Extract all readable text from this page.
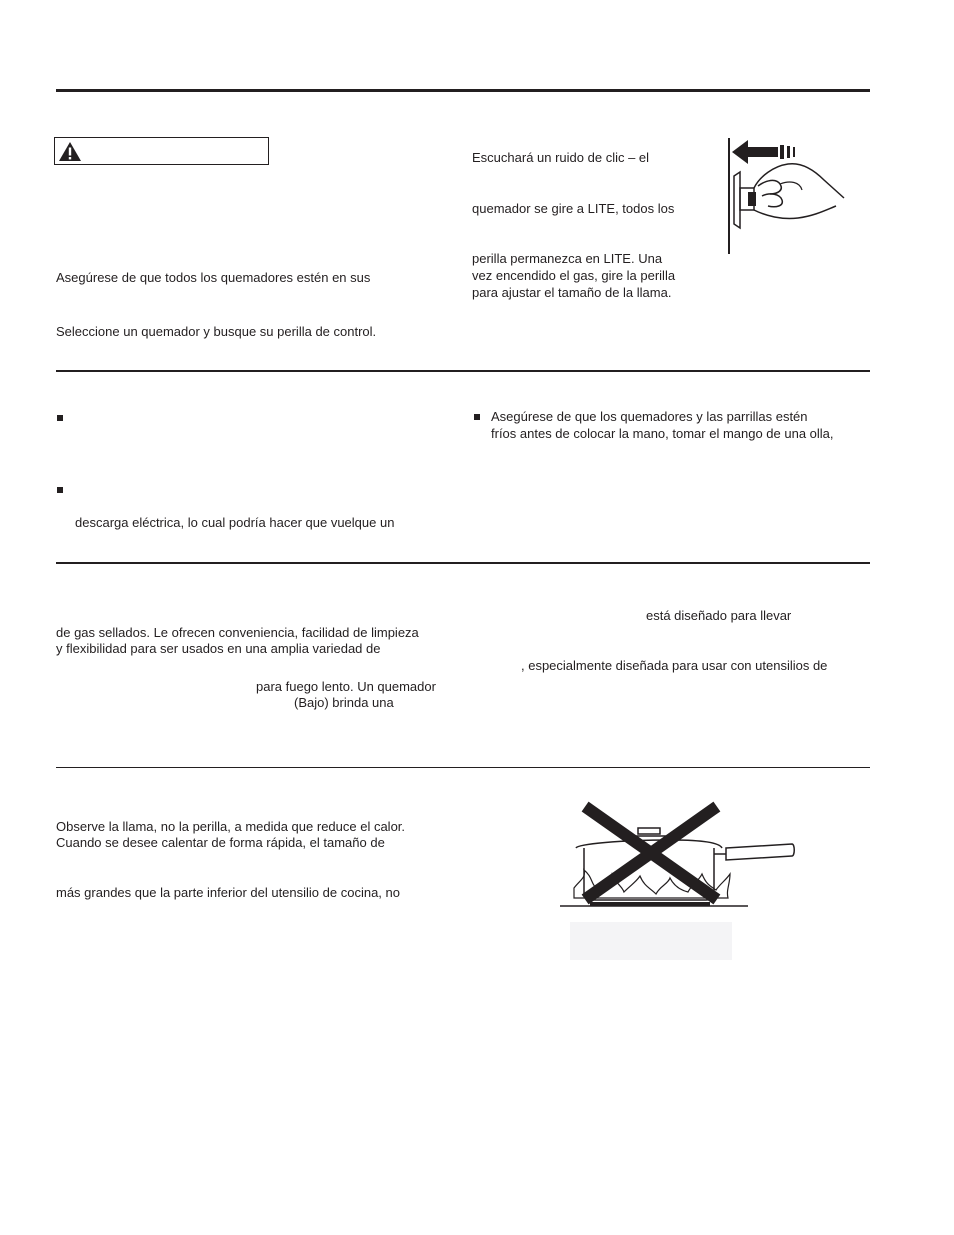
Asegúrese de que todos los quemadores estén en sus
Seleccione un quemador y busque su perilla de control.
Escuchará un ruido de clic – el
quemador se gire a LITE, todos los
perilla permanezca en LITE. Una
vez encendido el gas, gire la perilla
para ajustar el tamaño de la llama.
descarga eléctrica, lo cual podría hacer que vuelque un
Asegúrese de que los quemadores y las parrillas estén
fríos antes de colocar la mano, tomar el mango de una olla,
de gas sellados. Le ofrecen conveniencia, facilidad de limpieza
y flexibilidad para ser usados en una amplia variedad de
para fuego lento. Un quemador
(Bajo) brinda una
está diseñado para llevar
, especialmente diseñada para usar con utensilios de
Observe la llama, no la perilla, a medida que reduce el calor.
Cuando se desee calentar de forma rápida, el tamaño de
más grandes que la parte inferior del utensilio de cocina, no
